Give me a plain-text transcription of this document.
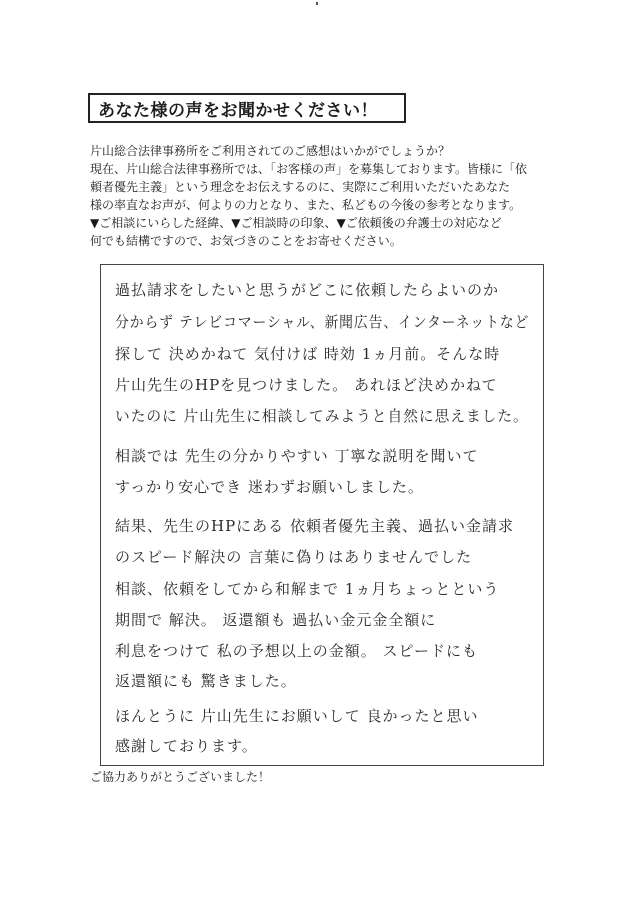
あなた様の声をお聞かせください！

片山総合法律事務所をご利用されてのご感想はいかがでしょうか？

現在、片山総合法律事務所では、「お客様の声」を募集しております。皆様に「依

頼者優先主義」という理念をお伝えするのに、実際にご利用いただいたあなた

様の率直なお声が、何よりの力となり、また、私どもの今後の参考となります。

▼ご相談にいらした経緯、▼ご相談時の印象、▼ご依頼後の弁護士の対応など

何でも結構ですので、お気づきのことをお寄せください。

過払請求をしたいと思うがどこに依頼したらよいのか
分からず テレビコマーシャル、新聞広告、インターネットなど
探して 決めかねて 気付けば 時効 1ヵ月前。そんな時
片山先生のHPを見つけました。 あれほど決めかねて
いたのに 片山先生に相談してみようと自然に思えました。
相談では 先生の分かりやすい 丁寧な説明を聞いて
すっかり安心でき 迷わずお願いしました。
結果、先生のHPにある 依頼者優先主義、過払い金請求
のスピード解決の 言葉に偽りはありませんでした
相談、依頼をしてから和解まで 1ヵ月ちょっとという
期間で 解決。 返還額も 過払い金元金全額に
利息をつけて 私の予想以上の金額。 スピードにも
返還額にも 驚きました。
ほんとうに 片山先生にお願いして 良かったと思い
感謝しております。
ご協力ありがとうございました！
